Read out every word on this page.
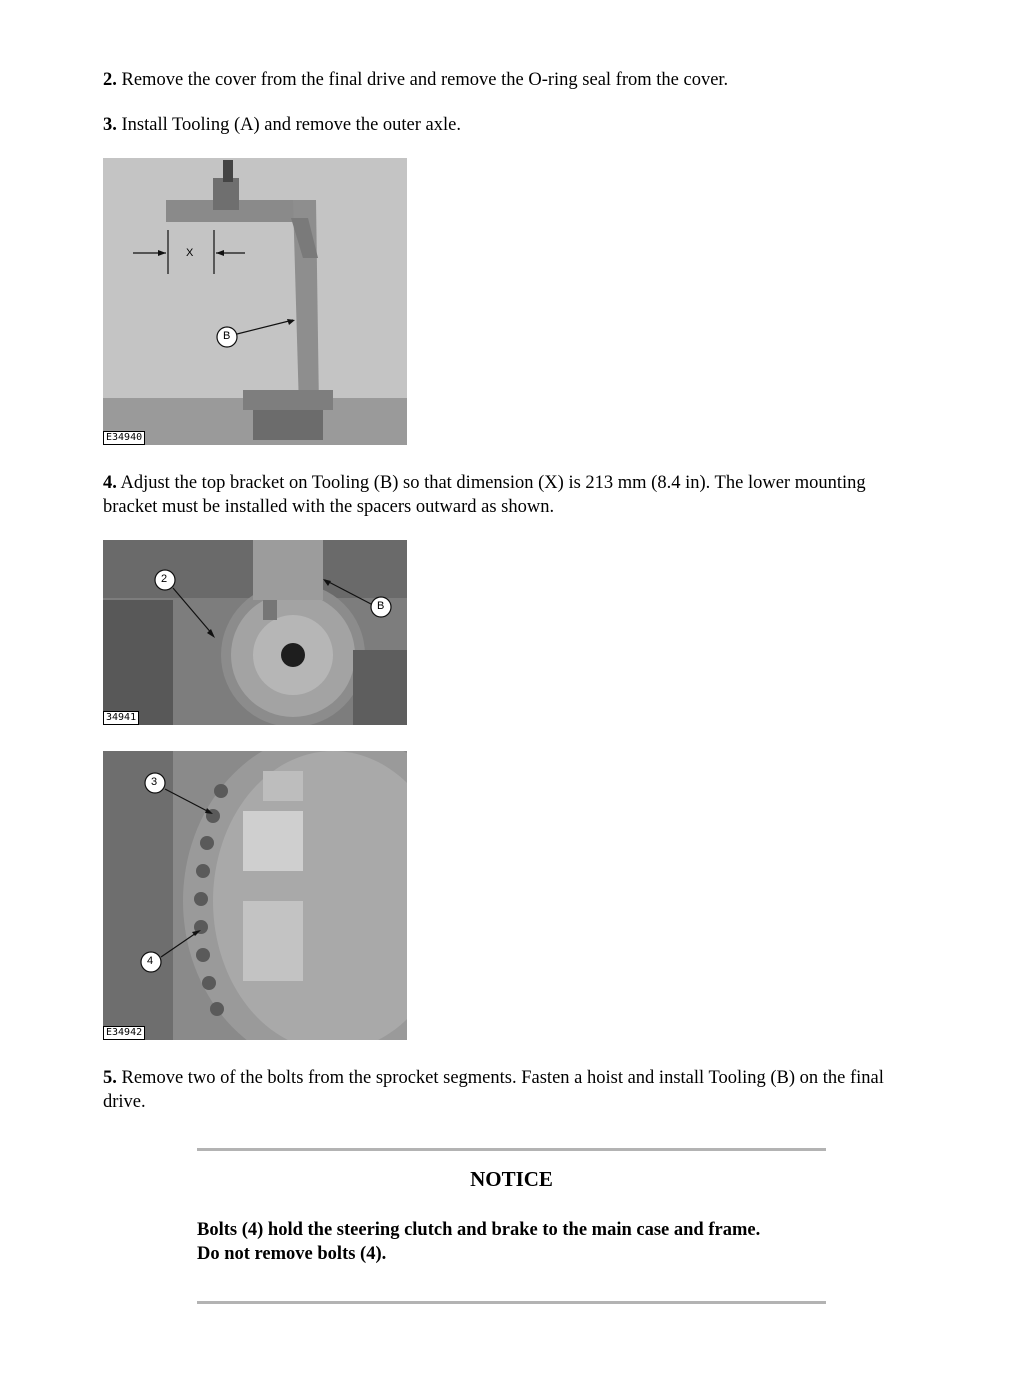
2. Remove the cover from the final drive and remove the O-ring seal from the cover.

3. Install Tooling (A) and remove the outer axle.

X
B
E34940

4. Adjust the top bracket on Tooling (B) so that dimension (X) is 213 mm (8.4 in). The lower mounting bracket must be installed with the spacers outward as shown.

2
B
34941
3
4
E34942

5. Remove two of the bolts from the sprocket segments. Fasten a hoist and install Tooling (B) on the final drive.

NOTICE

Bolts (4) hold the steering clutch and brake to the main case and frame.
Do not remove bolts (4).
